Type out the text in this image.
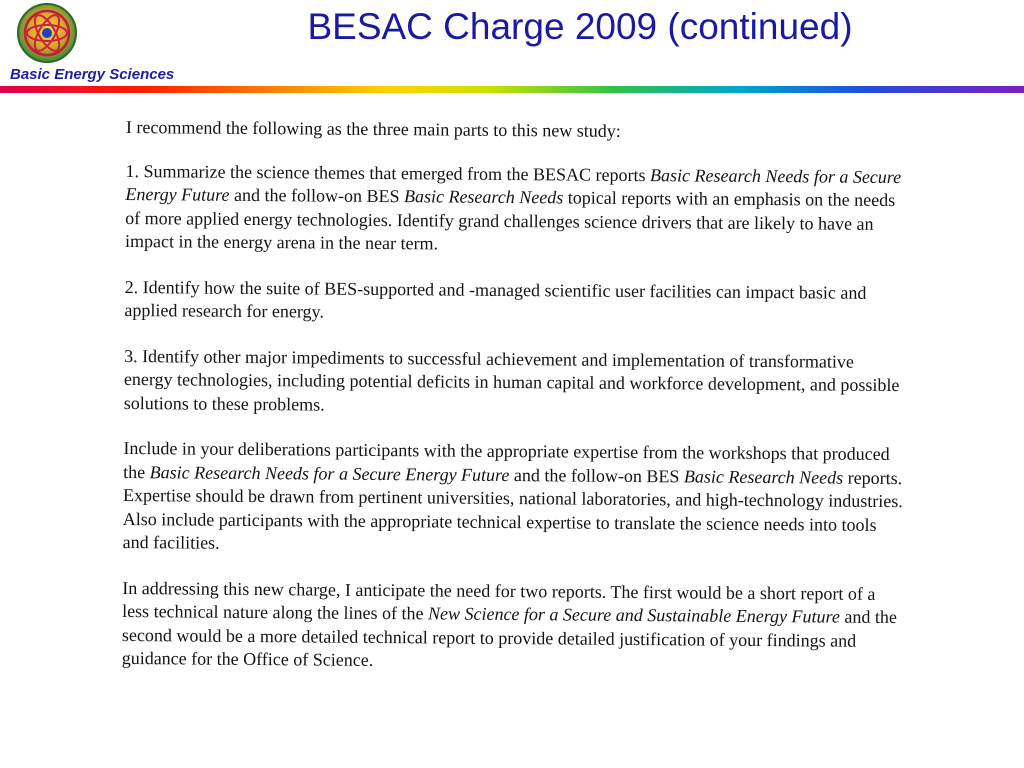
Basic Energy Sciences
BESAC Charge 2009 (continued)

I recommend the following as the three main parts to this new study:

1. Summarize the science themes that emerged from the BESAC reports Basic Research Needs for a Secure Energy Future and the follow-on BES Basic Research Needs topical reports with an emphasis on the needs of more applied energy technologies. Identify grand challenges science drivers that are likely to have an impact in the energy arena in the near term.

2. Identify how the suite of BES-supported and -managed scientific user facilities can impact basic and applied research for energy.

3. Identify other major impediments to successful achievement and implementation of transformative energy technologies, including potential deficits in human capital and workforce development, and possible solutions to these problems.

Include in your deliberations participants with the appropriate expertise from the workshops that produced the Basic Research Needs for a Secure Energy Future and the follow-on BES Basic Research Needs reports. Expertise should be drawn from pertinent universities, national laboratories, and high-technology industries. Also include participants with the appropriate technical expertise to translate the science needs into tools and facilities.

In addressing this new charge, I anticipate the need for two reports. The first would be a short report of a less technical nature along the lines of the New Science for a Secure and Sustainable Energy Future and the second would be a more detailed technical report to provide detailed justification of your findings and guidance for the Office of Science.
